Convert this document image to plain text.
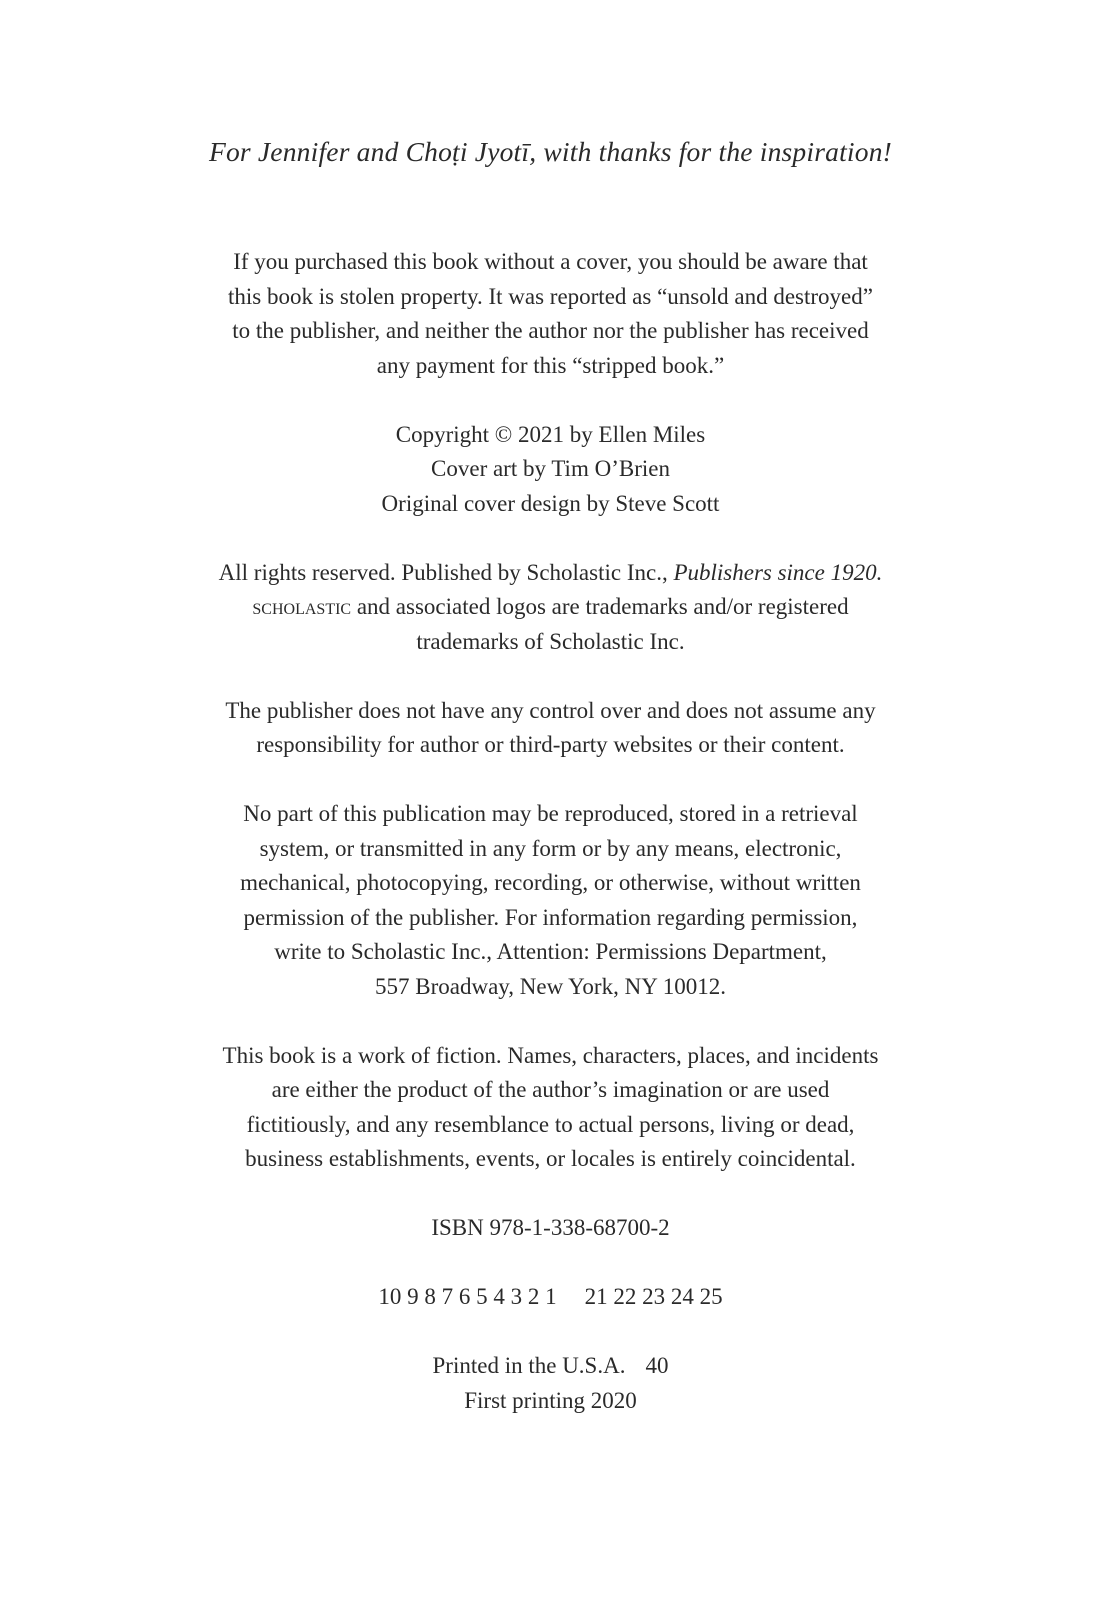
For Jennifer and Choṭi Jyotī, with thanks for the inspiration!
If you purchased this book without a cover, you should be aware that
this book is stolen property. It was reported as “unsold and destroyed”
to the publisher, and neither the author nor the publisher has received
any payment for this “stripped book.”
Copyright © 2021 by Ellen Miles
Cover art by Tim O’Brien
Original cover design by Steve Scott
All rights reserved. Published by Scholastic Inc., Publishers since 1920.
scholastic and associated logos are trademarks and/or registered
trademarks of Scholastic Inc.
The publisher does not have any control over and does not assume any
responsibility for author or third-party websites or their content.
No part of this publication may be reproduced, stored in a retrieval
system, or transmitted in any form or by any means, electronic,
mechanical, photocopying, recording, or otherwise, without written
permission of the publisher. For information regarding permission,
write to Scholastic Inc., Attention: Permissions Department,
557 Broadway, New York, NY 10012.
This book is a work of fiction. Names, characters, places, and incidents
are either the product of the author’s imagination or are used
fictitiously, and any resemblance to actual persons, living or dead,
business establishments, events, or locales is entirely coincidental.
ISBN 978-1-338-68700-2
10 9 8 7 6 5 4 3 2 1 21 22 23 24 25
Printed in the U.S.A. 40
First printing 2020
